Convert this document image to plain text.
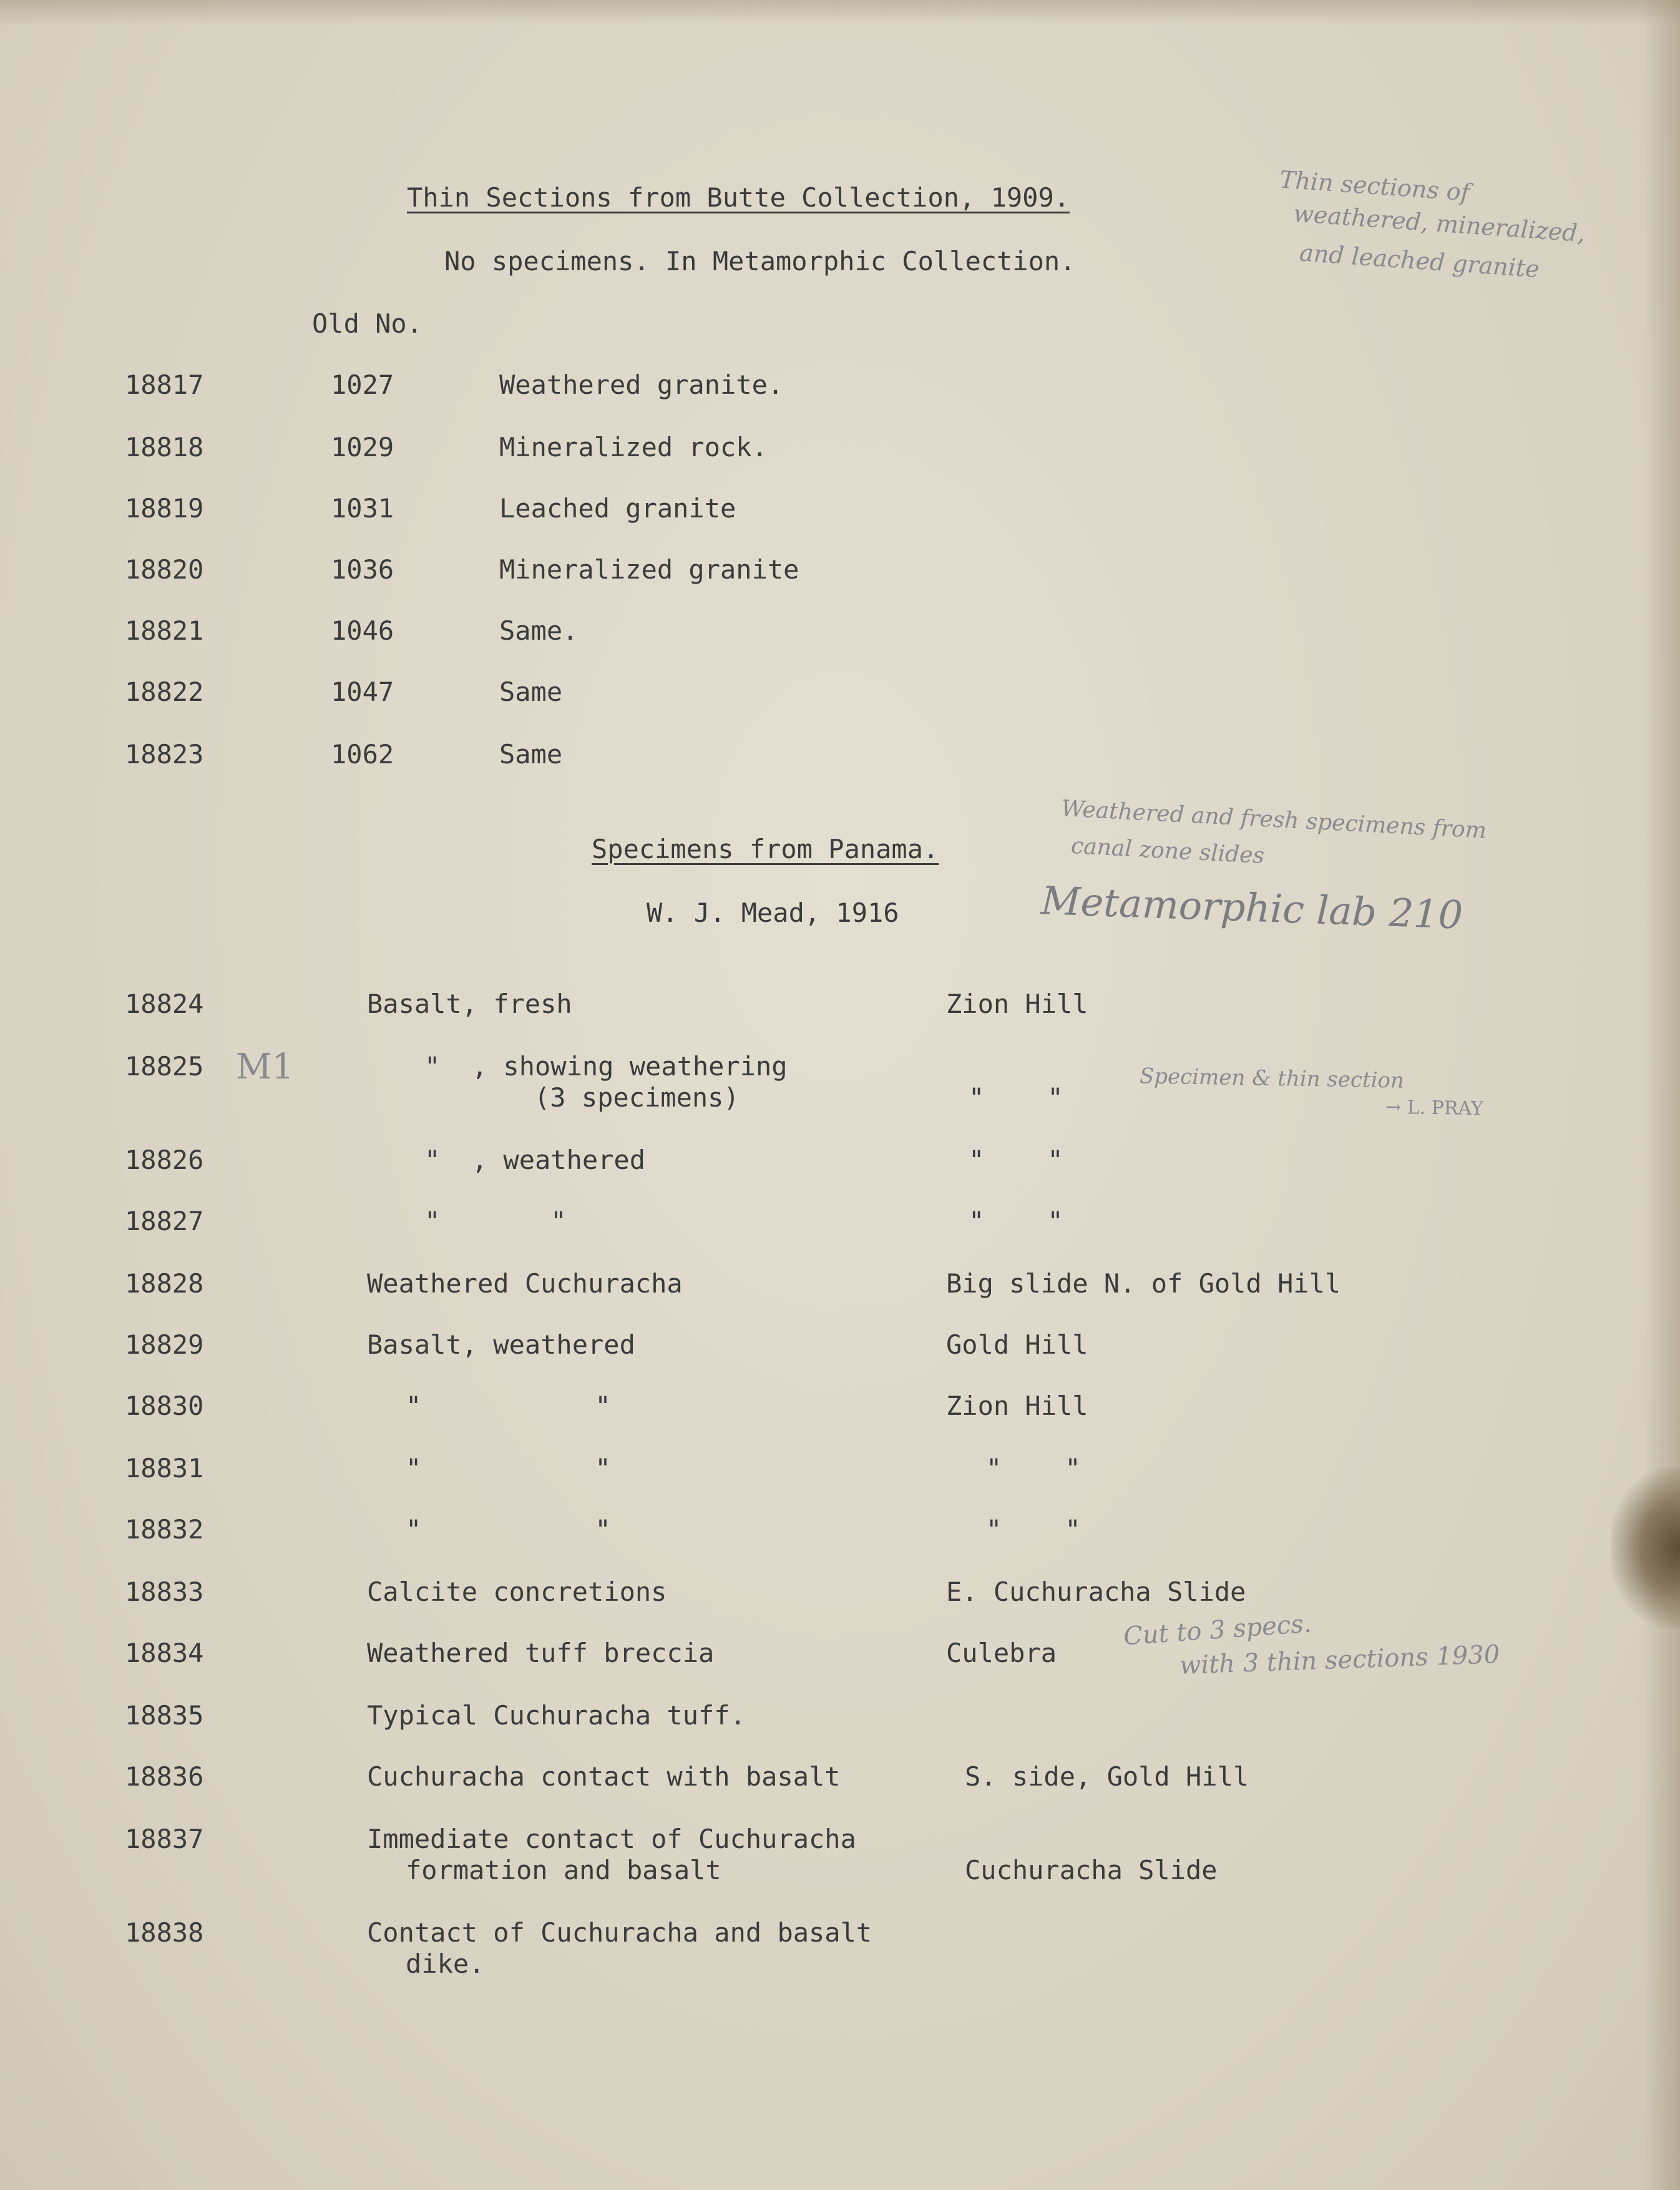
Thin Sections from Butte Collection, 1909.
No specimens. In Metamorphic Collection.
Old No.
18817	1027	Weathered granite.
18818	1029	Mineralized rock.
18819	1031	Leached granite
18820	1036	Mineralized granite
18821	1046	Same.
18822	1047	Same
18823	1062	Same
Specimens from Panama.
W. J. Mead, 1916
18824	Basalt, fresh	Zion Hill
18825	"  , showing weathering
(3 specimens)	"    "
18826	"  , weathered	"    "
18827	"       "	"    "
18828	Weathered Cuchuracha	Big slide N. of Gold Hill
18829	Basalt, weathered	Gold Hill
18830	"           "	Zion Hill
18831	"           "	"    "
18832	"           "	"    "
18833	Calcite concretions	E. Cuchuracha Slide
18834	Weathered tuff breccia	Culebra
18835	Typical Cuchuracha tuff.
18836	Cuchuracha contact with basalt	S. side, Gold Hill
18837	Immediate contact of Cuchuracha
formation and basalt	Cuchuracha Slide
18838	Contact of Cuchuracha and basalt
dike.
Thin sections of
weathered, mineralized,
and leached granite
Weathered and fresh specimens from
canal zone slides
Metamorphic lab 210
M1	Specimen & thin section
→ L. PRAY
Cut to 3 specs.
with 3 thin sections 1930
